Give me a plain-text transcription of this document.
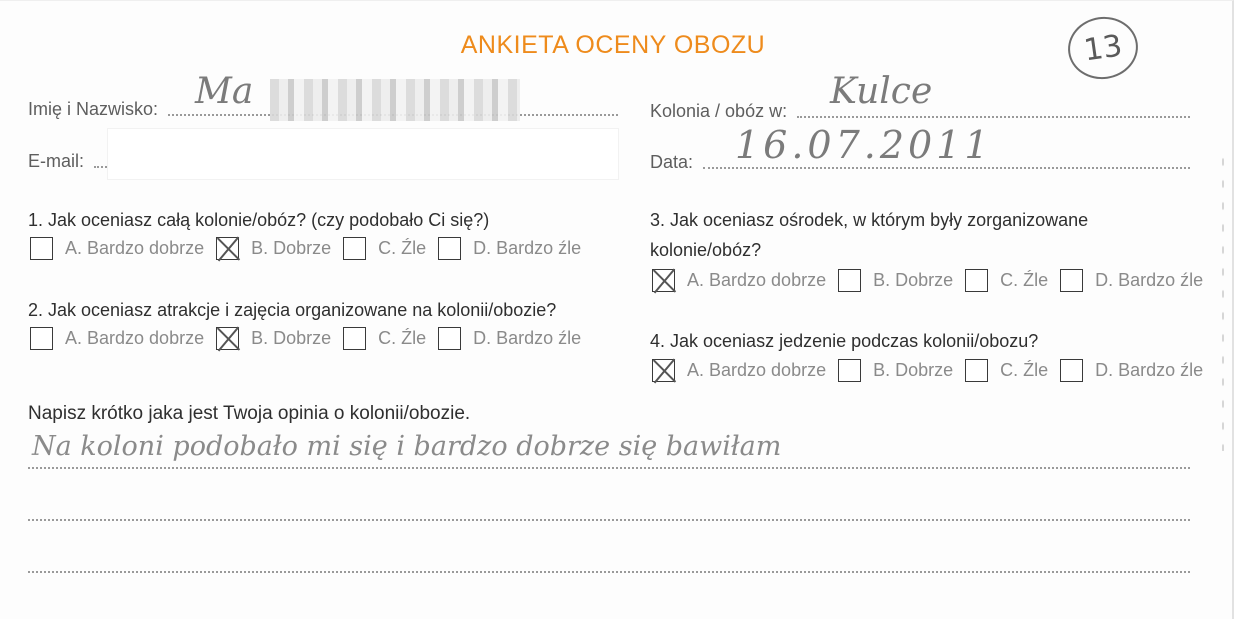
ANKIETA OCENY OBOZU	13
Imię i Nazwisko: Ma
E-mail:
Kolonia / obóz w: Kulce
Data: 16.07.2011
1. Jak oceniasz całą kolonie/obóz? (czy podobało Ci się?)
A. Bardzo dobrze	B. Dobrze	C. Źle	D. Bardzo źle
2. Jak oceniasz atrakcje i zajęcia organizowane na kolonii/obozie?
A. Bardzo dobrze	B. Dobrze	C. Źle	D. Bardzo źle
3. Jak oceniasz ośrodek, w którym były zorganizowane
kolonie/obóz?
A. Bardzo dobrze	B. Dobrze	C. Źle	D. Bardzo źle
4. Jak oceniasz jedzenie podczas kolonii/obozu?
A. Bardzo dobrze	B. Dobrze	C. Źle	D. Bardzo źle
Napisz krótko jaka jest Twoja opinia o kolonii/obozie.
Na koloni podobało mi się i bardzo dobrze się bawiłam
